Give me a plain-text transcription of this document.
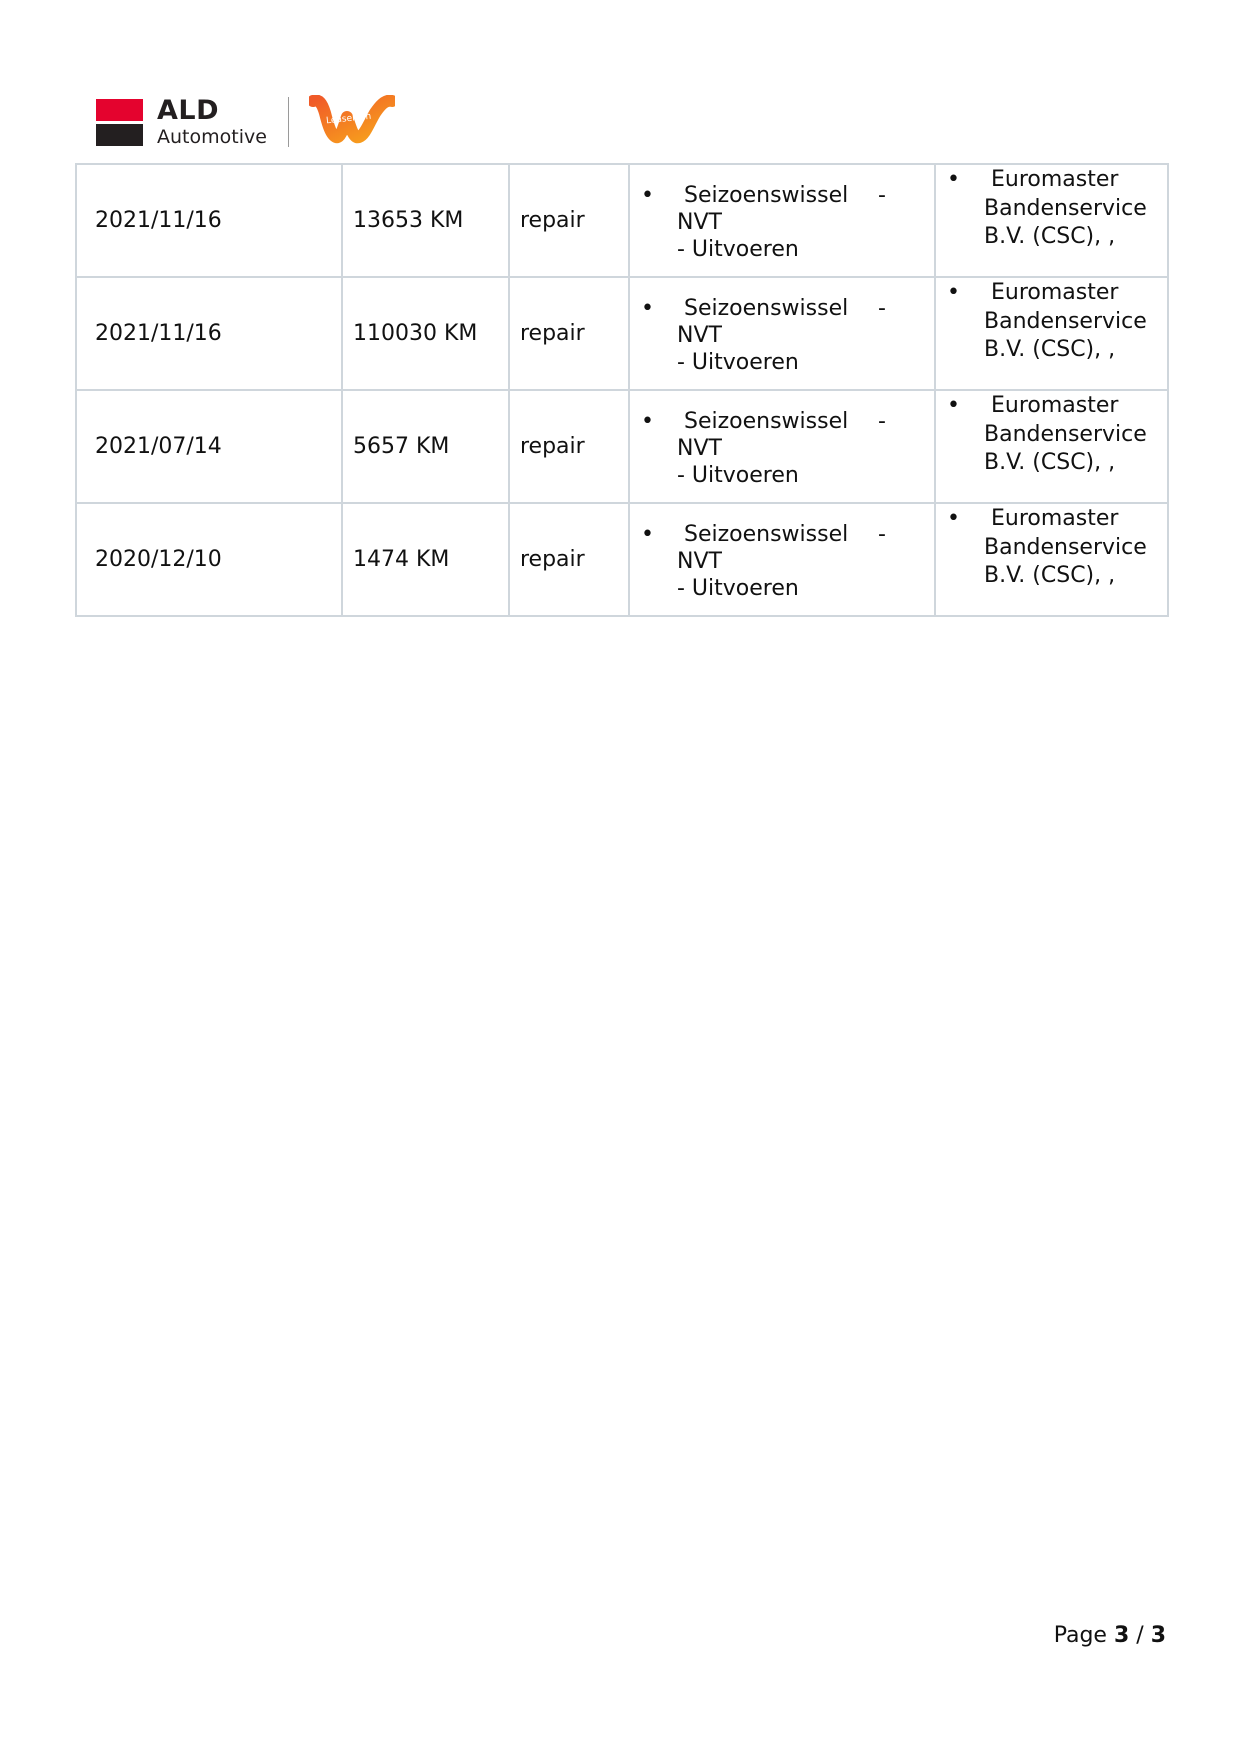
ALD
Automotive
LeasePlan
2021/11/16	13653 KM	repair	• Seizoenswissel -
NVT
- Uitvoeren	• Euromaster
Bandenservice
B.V. (CSC), ,

2021/11/16	110030 KM	repair	• Seizoenswissel -
NVT
- Uitvoeren	• Euromaster
Bandenservice
B.V. (CSC), ,

2021/07/14	5657 KM	repair	• Seizoenswissel -
NVT
- Uitvoeren	• Euromaster
Bandenservice
B.V. (CSC), ,

2020/12/10	1474 KM	repair	• Seizoenswissel -
NVT
- Uitvoeren	• Euromaster
Bandenservice
B.V. (CSC), ,
Page 3 / 3
